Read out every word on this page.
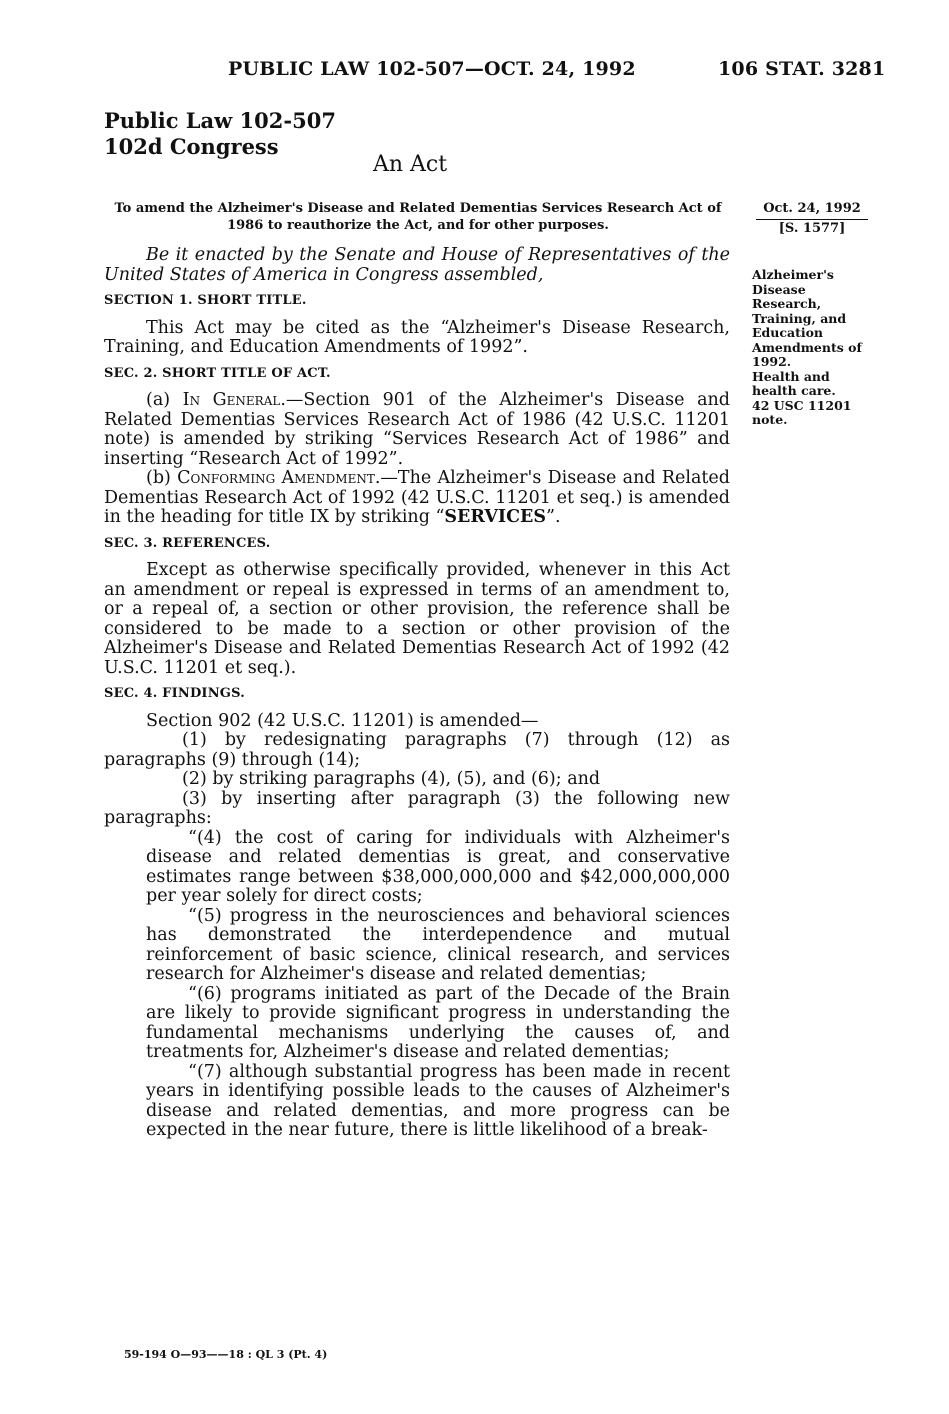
PUBLIC LAW 102-507—OCT. 24, 1992	106 STAT. 3281
Public Law 102-507
102d Congress
An Act
To amend the Alzheimer's Disease and Related Dementias Services Research Act of 1986 to reauthorize the Act, and for other purposes.
Oct. 24, 1992
[S. 1577]
Alzheimer's
Disease
Research,
Training, and
Education
Amendments of
1992.
Health and
health care.
42 USC 11201
note.

Be it enacted by the Senate and House of Representatives of the United States of America in Congress assembled,

SECTION 1. SHORT TITLE.

This Act may be cited as the “Alzheimer's Disease Research, Training, and Education Amendments of 1992”.

SEC. 2. SHORT TITLE OF ACT.

(a) In General.—Section 901 of the Alzheimer's Disease and Related Dementias Services Research Act of 1986 (42 U.S.C. 11201 note) is amended by striking “Services Research Act of 1986” and inserting “Research Act of 1992”.

(b) Conforming Amendment.—The Alzheimer's Disease and Related Dementias Research Act of 1992 (42 U.S.C. 11201 et seq.) is amended in the heading for title IX by striking “SERVICES”.

SEC. 3. REFERENCES.

Except as otherwise specifically provided, whenever in this Act an amendment or repeal is expressed in terms of an amendment to, or a repeal of, a section or other provision, the reference shall be considered to be made to a section or other provision of the Alzheimer's Disease and Related Dementias Research Act of 1992 (42 U.S.C. 11201 et seq.).

SEC. 4. FINDINGS.

Section 902 (42 U.S.C. 11201) is amended—

(1) by redesignating paragraphs (7) through (12) as paragraphs (9) through (14);

(2) by striking paragraphs (4), (5), and (6); and

(3) by inserting after paragraph (3) the following new paragraphs:

“(4) the cost of caring for individuals with Alzheimer's disease and related dementias is great, and conservative estimates range between $38,000,000,000 and $42,000,000,000 per year solely for direct costs;

“(5) progress in the neurosciences and behavioral sciences has demonstrated the interdependence and mutual reinforcement of basic science, clinical research, and services research for Alzheimer's disease and related dementias;

“(6) programs initiated as part of the Decade of the Brain are likely to provide significant progress in understanding the fundamental mechanisms underlying the causes of, and treatments for, Alzheimer's disease and related dementias;

“(7) although substantial progress has been made in recent years in identifying possible leads to the causes of Alzheimer's disease and related dementias, and more progress can be expected in the near future, there is little likelihood of a break-

59-194 O—93——18 : QL 3 (Pt. 4)
